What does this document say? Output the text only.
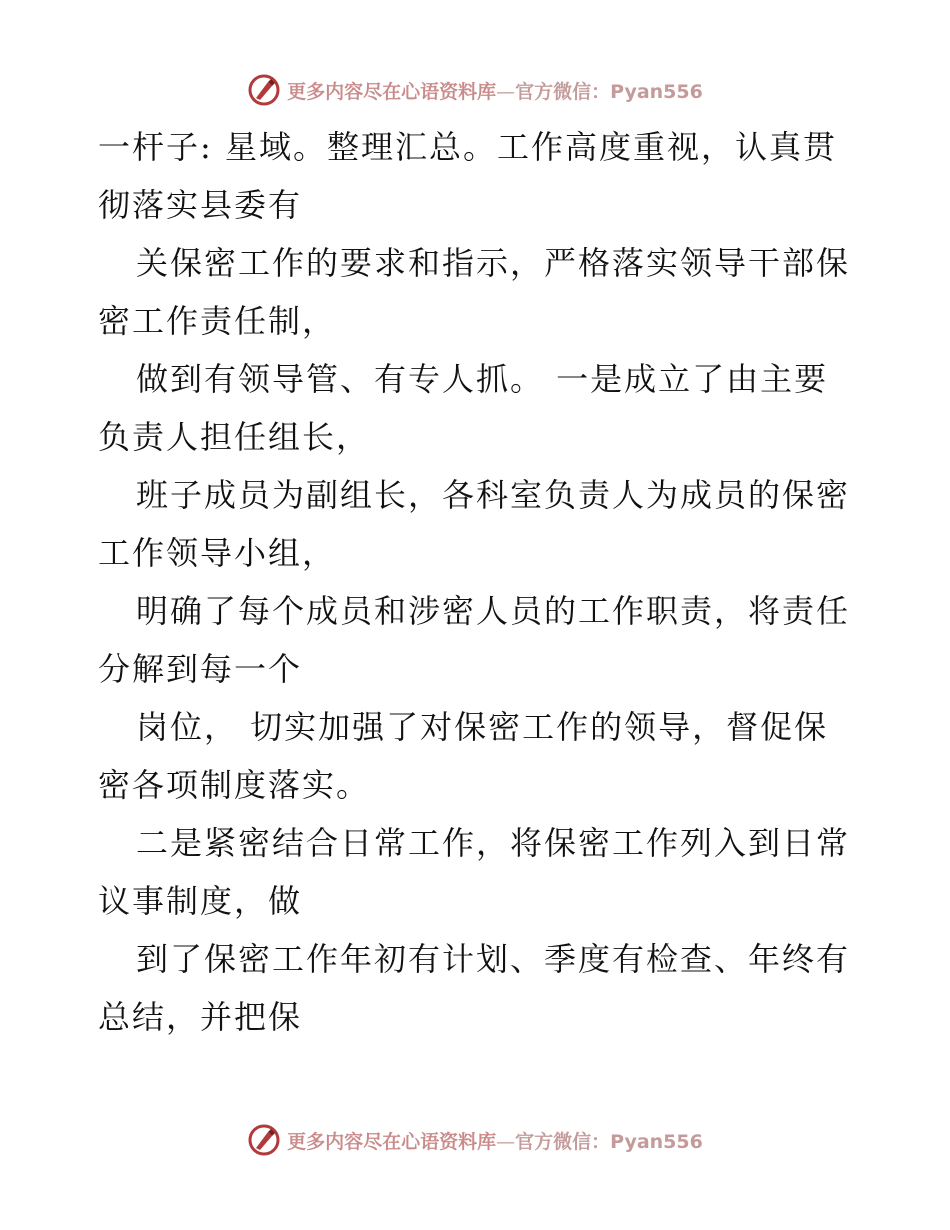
更多内容尽在心语资料库—官方微信：Pyan556

一杆子: 星域。整理汇总。工作高度重视，认真贯
彻落实县委有

关保密工作的要求和指示，严格落实领导干部保
密工作责任制，

做到有领导管、有专人抓。 一是成立了由主要
负责人担任组长，

班子成员为副组长，各科室负责人为成员的保密
工作领导小组，

明确了每个成员和涉密人员的工作职责，将责任
分解到每一个

岗位， 切实加强了对保密工作的领导，督促保
密各项制度落实。

二是紧密结合日常工作，将保密工作列入到日常
议事制度，做

到了保密工作年初有计划、季度有检查、年终有
总结，并把保

更多内容尽在心语资料库—官方微信：Pyan556
